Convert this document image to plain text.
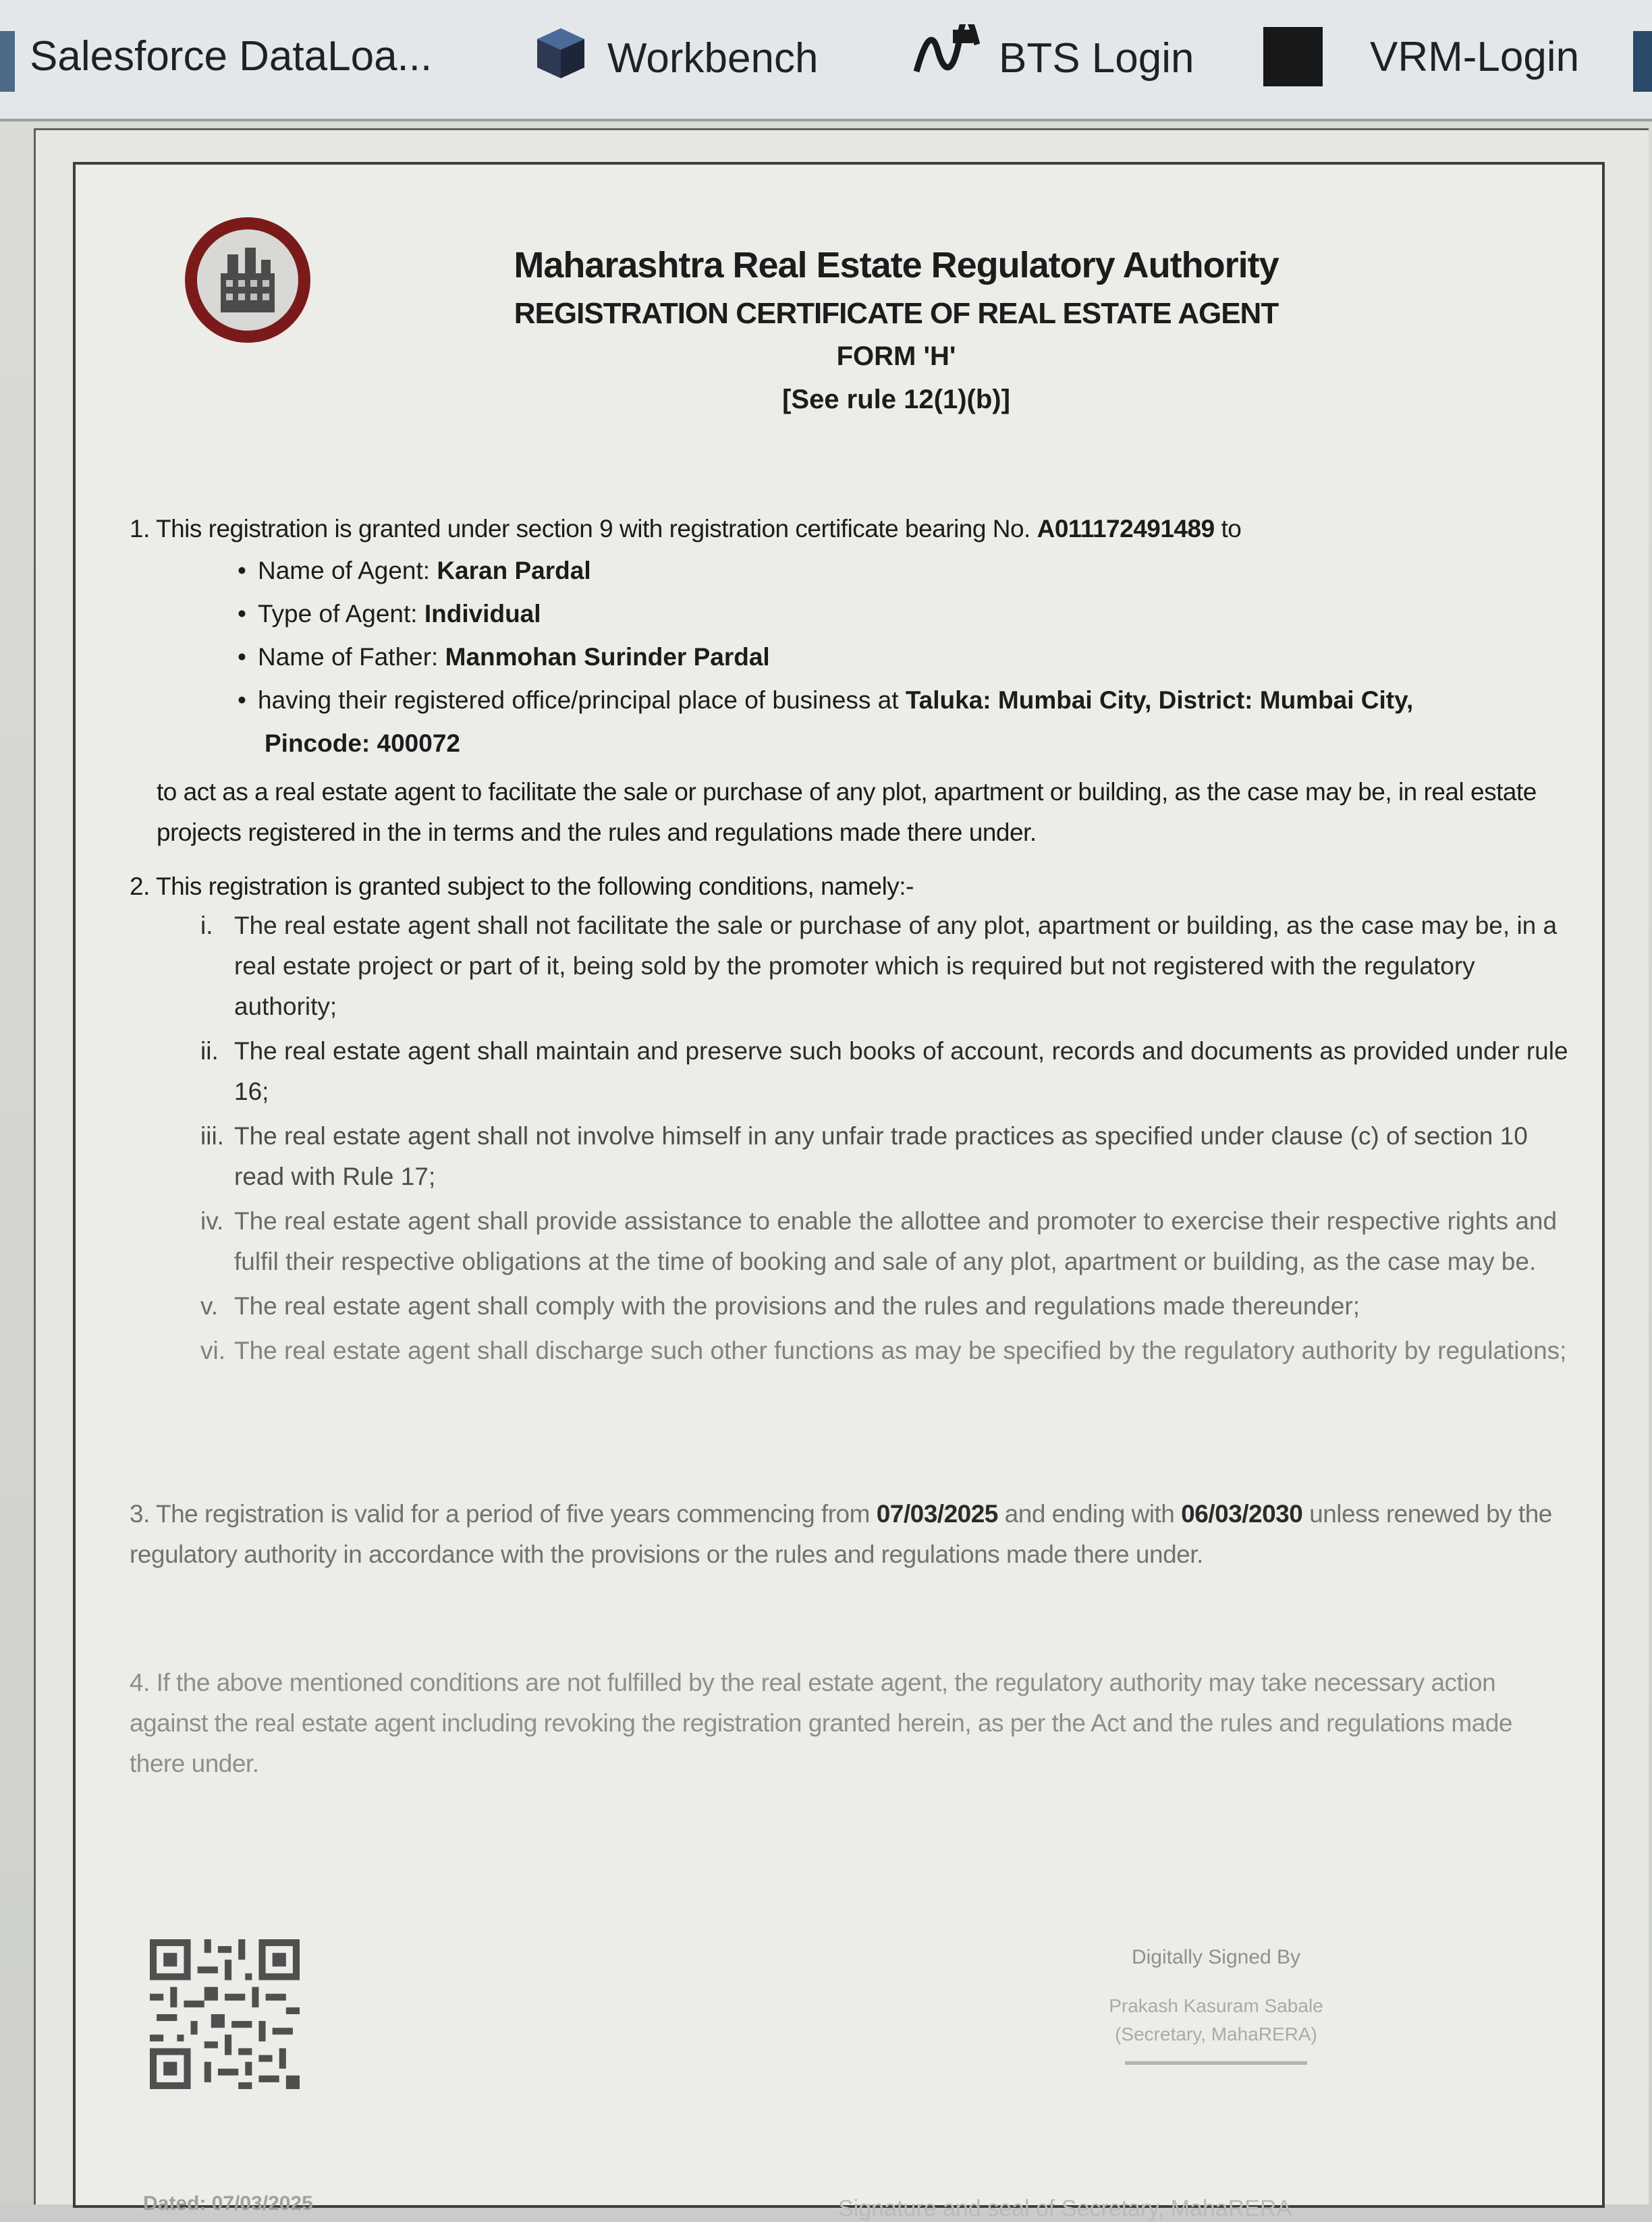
Salesforce DataLoa...	Workbench	BTS Login	VRM-Login
Maharashtra Real Estate Regulatory Authority
REGISTRATION CERTIFICATE OF REAL ESTATE AGENT
FORM 'H'
[See rule 12(1)(b)]
1. This registration is granted under section 9 with registration certificate bearing No. A011172491489 to
• Name of Agent: Karan Pardal
• Type of Agent: Individual
• Name of Father: Manmohan Surinder Pardal
• having their registered office/principal place of business at Taluka: Mumbai City, District: Mumbai City,
Pincode: 400072
to act as a real estate agent to facilitate the sale or purchase of any plot, apartment or building, as the case may be, in real estate projects registered in the in terms and the rules and regulations made there under.
2. This registration is granted subject to the following conditions, namely:-
i. The real estate agent shall not facilitate the sale or purchase of any plot, apartment or building, as the case may be, in a real estate project or part of it, being sold by the promoter which is required but not registered with the regulatory authority;
ii. The real estate agent shall maintain and preserve such books of account, records and documents as provided under rule 16;
iii. The real estate agent shall not involve himself in any unfair trade practices as specified under clause (c) of section 10 read with Rule 17;
iv. The real estate agent shall provide assistance to enable the allottee and promoter to exercise their respective rights and fulfil their respective obligations at the time of booking and sale of any plot, apartment or building, as the case may be.
v. The real estate agent shall comply with the provisions and the rules and regulations made thereunder;
vi. The real estate agent shall discharge such other functions as may be specified by the regulatory authority by regulations;
3. The registration is valid for a period of five years commencing from 07/03/2025 and ending with 06/03/2030 unless renewed by the regulatory authority in accordance with the provisions or the rules and regulations made there under.
4. If the above mentioned conditions are not fulfilled by the real estate agent, the regulatory authority may take necessary action against the real estate agent including revoking the registration granted herein, as per the Act and the rules and regulations made there under.
Digitally Signed By
Prakash Kasuram Sabale
(Secretary, MahaRERA)
▬▬▬▬▬▬▬▬▬▬▬▬▬▬▬
Dated: 07/03/2025	Signature and seal of Secretary, MahaRERA
